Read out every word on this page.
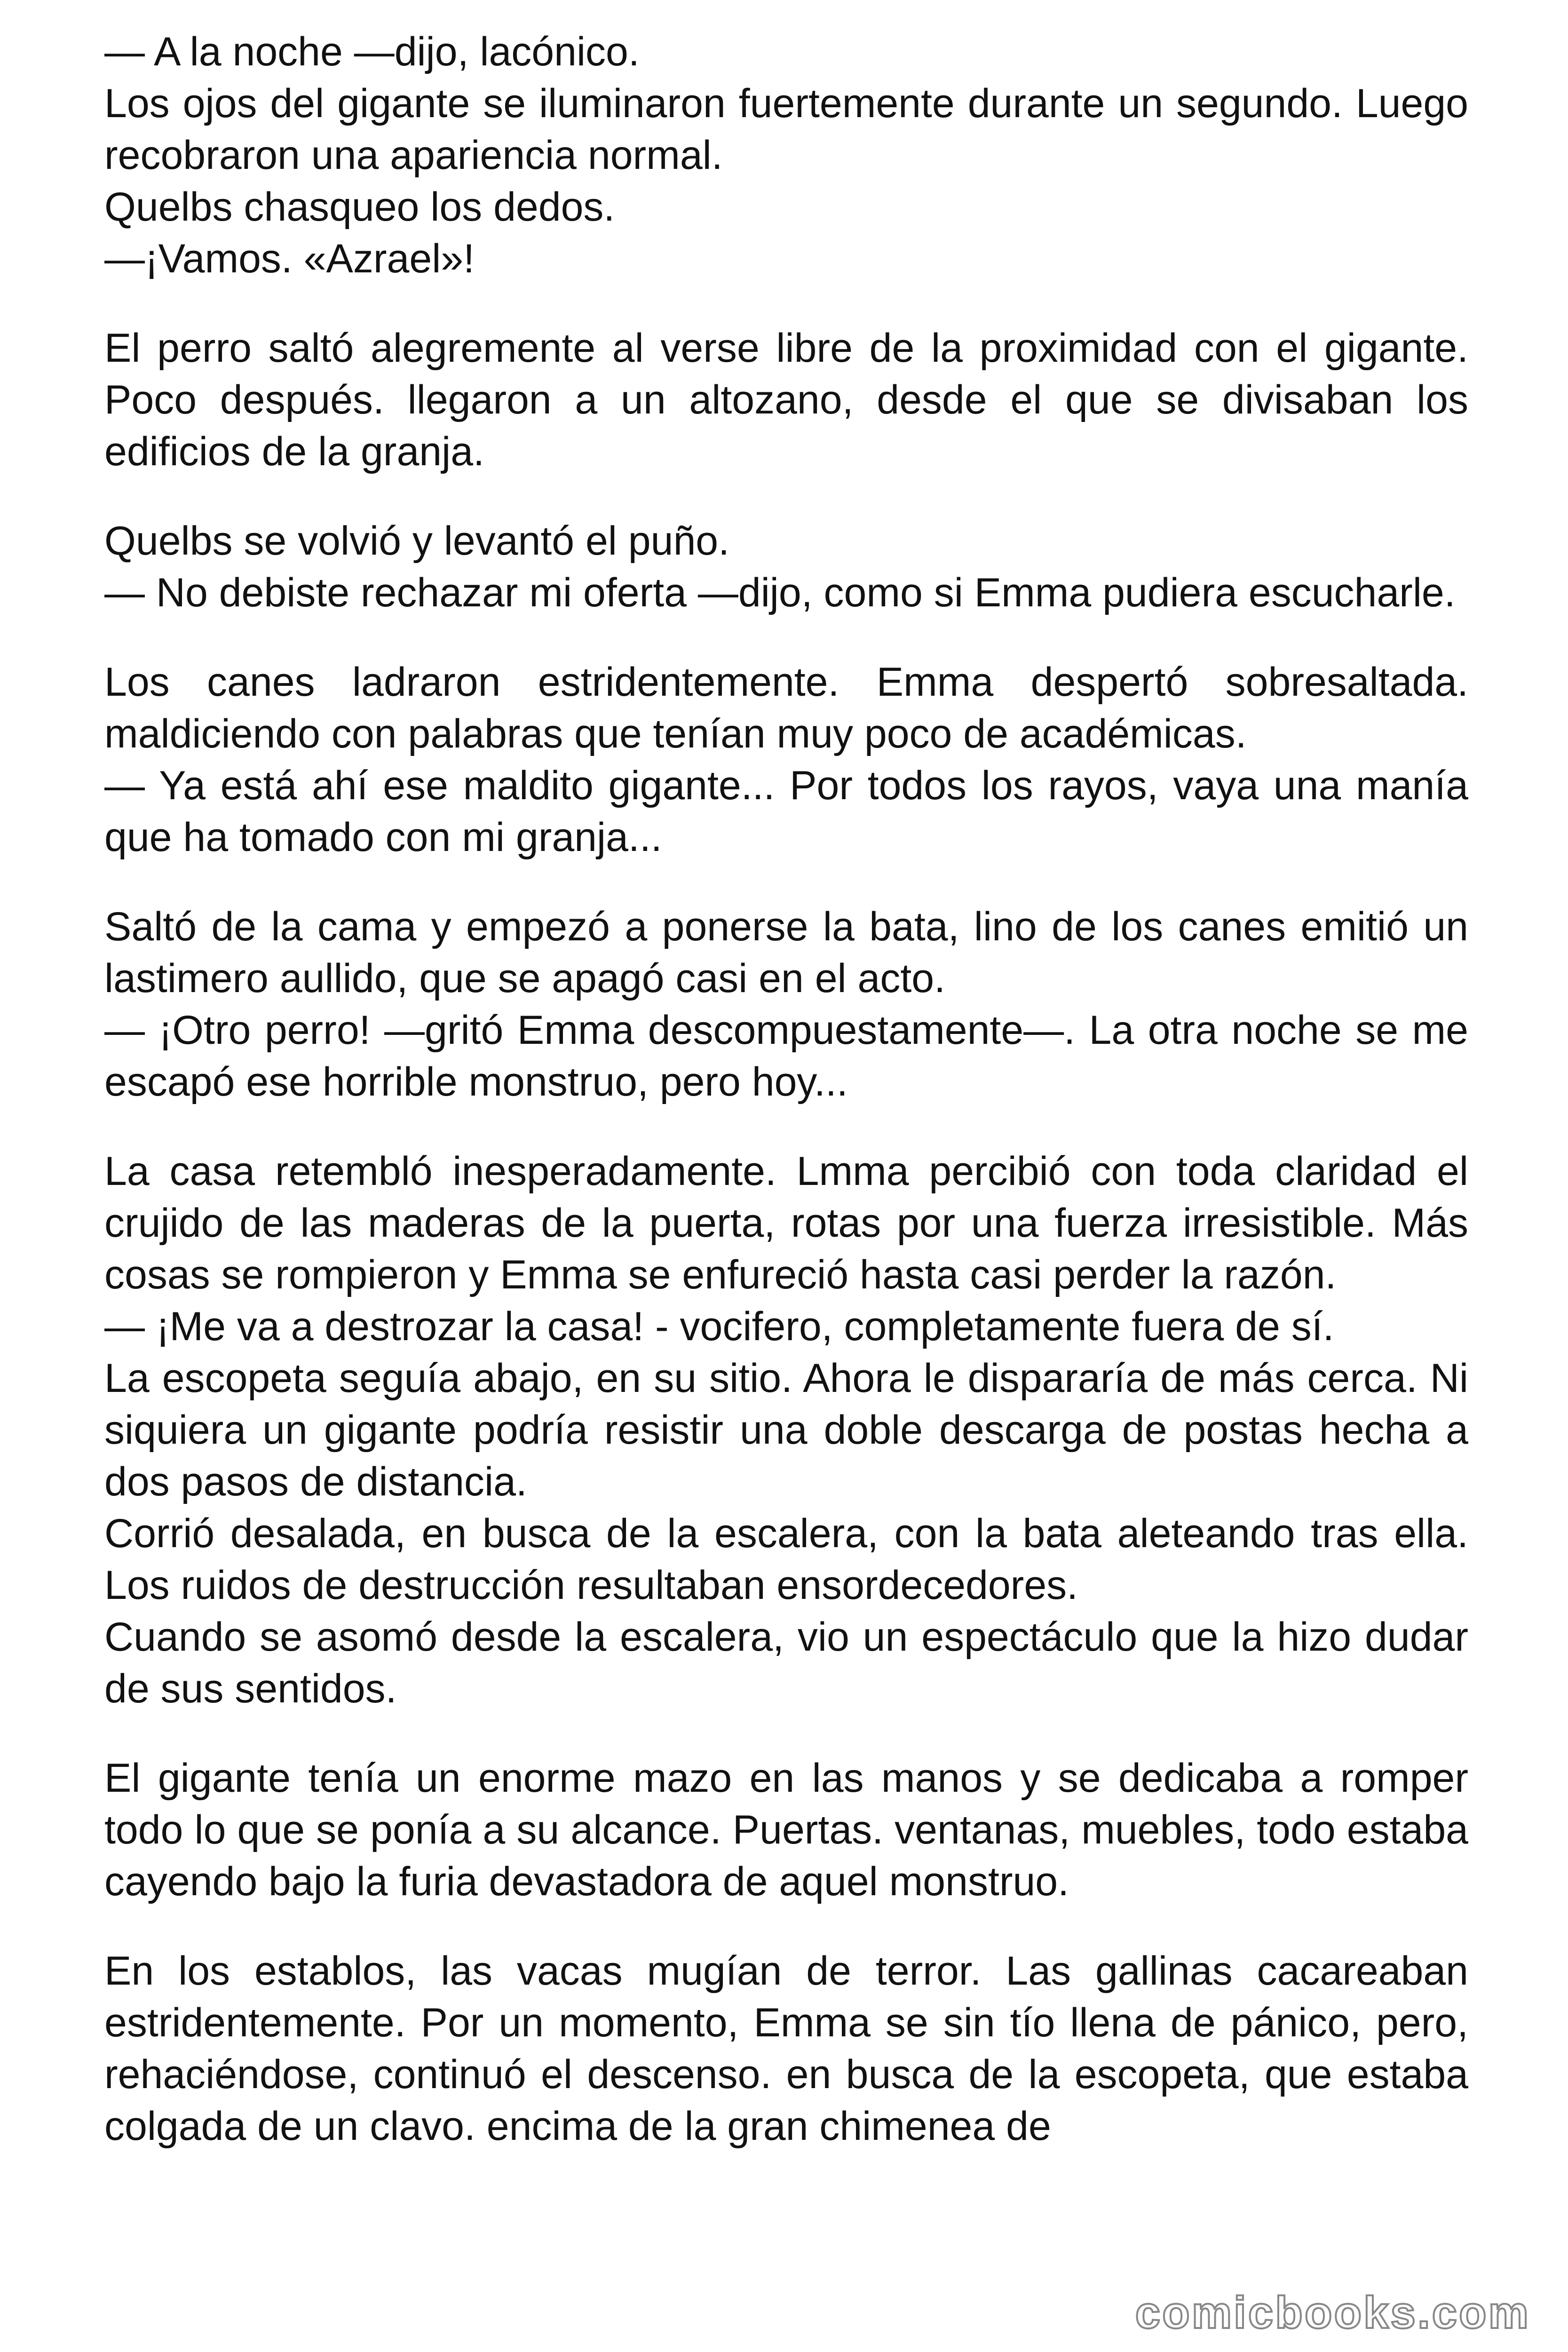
— A la noche —dijo, lacónico.
Los ojos del gigante se iluminaron fuertemente durante un segundo. Luego recobraron una apariencia normal.
Quelbs chasqueo los dedos.
—¡Vamos. «Azrael»!

El perro saltó alegremente al verse libre de la proximidad con el gigante. Poco después. llegaron a un altozano, desde el que se divisaban los edificios de la granja.

Quelbs se volvió y levantó el puño.
— No debiste rechazar mi oferta —dijo, como si Emma pudiera escucharle.

Los canes ladraron estridentemente. Emma despertó sobresaltada. maldiciendo con palabras que tenían muy poco de académicas.
— Ya está ahí ese maldito gigante... Por todos los rayos, vaya una manía que ha tomado con mi granja...

Saltó de la cama y empezó a ponerse la bata, lino de los canes emitió un lastimero aullido, que se apagó casi en el acto.
— ¡Otro perro! —gritó Emma descompuestamente—. La otra noche se me escapó ese horrible monstruo, pero hoy...

La casa retembló inesperadamente. Lmma percibió con toda claridad el crujido de las maderas de la puerta, rotas por una fuerza irresistible. Más cosas se rompieron y Emma se enfureció hasta casi perder la razón.
— ¡Me va a destrozar la casa! - vocifero, completamente fuera de sí.
La escopeta seguía abajo, en su sitio. Ahora le dispararía de más cerca. Ni siquiera un gigante podría resistir una doble descarga de postas hecha a dos pasos de distancia.
Corrió desalada, en busca de la escalera, con la bata aleteando tras ella. Los ruidos de destrucción resultaban ensordecedores.
Cuando se asomó desde la escalera, vio un espectáculo que la hizo dudar de sus sentidos.

El gigante tenía un enorme mazo en las manos y se dedicaba a romper todo lo que se ponía a su alcance. Puertas. ventanas, muebles, todo estaba cayendo bajo la furia devastadora de aquel monstruo.

En los establos, las vacas mugían de terror. Las gallinas cacareaban estridentemente. Por un momento, Emma se sin tío llena de pánico, pero, rehaciéndose, continuó el descenso. en busca de la escopeta, que estaba colgada de un clavo. encima de la gran chimenea de

comicbooks.com
